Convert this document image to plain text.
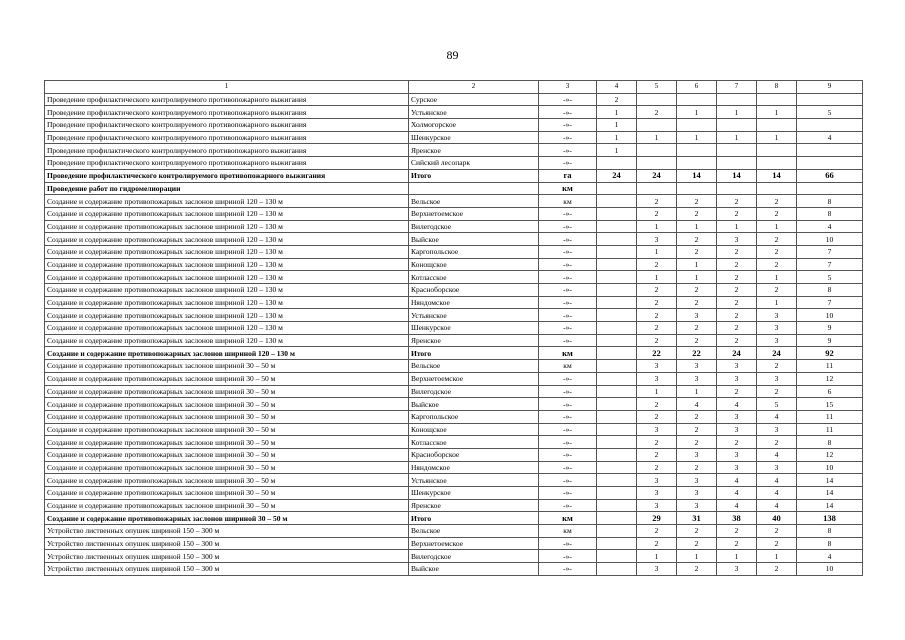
89
1	2	3	4	5	6	7	8	9
Проведение профилактического контролируемого противопожарного выжигания	Сурское	-»-	2					
Проведение профилактического контролируемого противопожарного выжигания	Устьянское	-»-	1	2	1	1	1	5
Проведение профилактического контролируемого противопожарного выжигания	Холмогорское	-»-	1					
Проведение профилактического контролируемого противопожарного выжигания	Шенкурское	-»-	1	1	1	1	1	4
Проведение профилактического контролируемого противопожарного выжигания	Яренское	-»-	1					
Проведение профилактического контролируемого противопожарного выжигания	Сийский лесопарк	-»-						
Проведение профилактического контролируемого противопожарного выжигания	Итого	га	24	24	14	14	14	66
Проведение работ по гидромелиорации		км						
Создание и содержание противопожарных заслонов шириной 120 – 130 м	Вельское	км		2	2	2	2	8
Создание и содержание противопожарных заслонов шириной 120 – 130 м	Верхнетоемское	-»-		2	2	2	2	8
Создание и содержание противопожарных заслонов шириной 120 – 130 м	Вилегодское	-»-		1	1	1	1	4
Создание и содержание противопожарных заслонов шириной 120 – 130 м	Выйское	-»-		3	2	3	2	10
Создание и содержание противопожарных заслонов шириной 120 – 130 м	Каргопольское	-»-		1	2	2	2	7
Создание и содержание противопожарных заслонов шириной 120 – 130 м	Конощское	-»-		2	1	2	2	7
Создание и содержание противопожарных заслонов шириной 120 – 130 м	Котласское	-»-		1	1	2	1	5
Создание и содержание противопожарных заслонов шириной 120 – 130 м	Красноборское	-»-		2	2	2	2	8
Создание и содержание противопожарных заслонов шириной 120 – 130 м	Няндомское	-»-		2	2	2	1	7
Создание и содержание противопожарных заслонов шириной 120 – 130 м	Устьянское	-»-		2	3	2	3	10
Создание и содержание противопожарных заслонов шириной 120 – 130 м	Шенкурское	-»-		2	2	2	3	9
Создание и содержание противопожарных заслонов шириной 120 – 130 м	Яренское	-»-		2	2	2	3	9
Создание и содержание противопожарных заслонов шириной 120 – 130 м	Итого	км		22	22	24	24	92
Создание и содержание противопожарных заслонов шириной 30 – 50 м	Вельское	км		3	3	3	2	11
Создание и содержание противопожарных заслонов шириной 30 – 50 м	Верхнетоемское	-»-		3	3	3	3	12
Создание и содержание противопожарных заслонов шириной 30 – 50 м	Вилегодское	-»-		1	1	2	2	6
Создание и содержание противопожарных заслонов шириной 30 – 50 м	Выйское	-»-		2	4	4	5	15
Создание и содержание противопожарных заслонов шириной 30 – 50 м	Каргопольское	-»-		2	2	3	4	11
Создание и содержание противопожарных заслонов шириной 30 – 50 м	Конощское	-»-		3	2	3	3	11
Создание и содержание противопожарных заслонов шириной 30 – 50 м	Котласское	-»-		2	2	2	2	8
Создание и содержание противопожарных заслонов шириной 30 – 50 м	Красноборское	-»-		2	3	3	4	12
Создание и содержание противопожарных заслонов шириной 30 – 50 м	Няндомское	-»-		2	2	3	3	10
Создание и содержание противопожарных заслонов шириной 30 – 50 м	Устьянское	-»-		3	3	4	4	14
Создание и содержание противопожарных заслонов шириной 30 – 50 м	Шенкурское	-»-		3	3	4	4	14
Создание и содержание противопожарных заслонов шириной 30 – 50 м	Яренское	-»-		3	3	4	4	14
Создание и содержание противопожарных заслонов шириной 30 – 50 м	Итого	км		29	31	38	40	138
Устройство лиственных опушек шириной 150 – 300 м	Вельское	км		2	2	2	2	8
Устройство лиственных опушек шириной 150 – 300 м	Верхнетоемское	-»-		2	2	2	2	8
Устройство лиственных опушек шириной 150 – 300 м	Вилегодское	-»-		1	1	1	1	4
Устройство лиственных опушек шириной 150 – 300 м	Выйское	-»-		3	2	3	2	10
